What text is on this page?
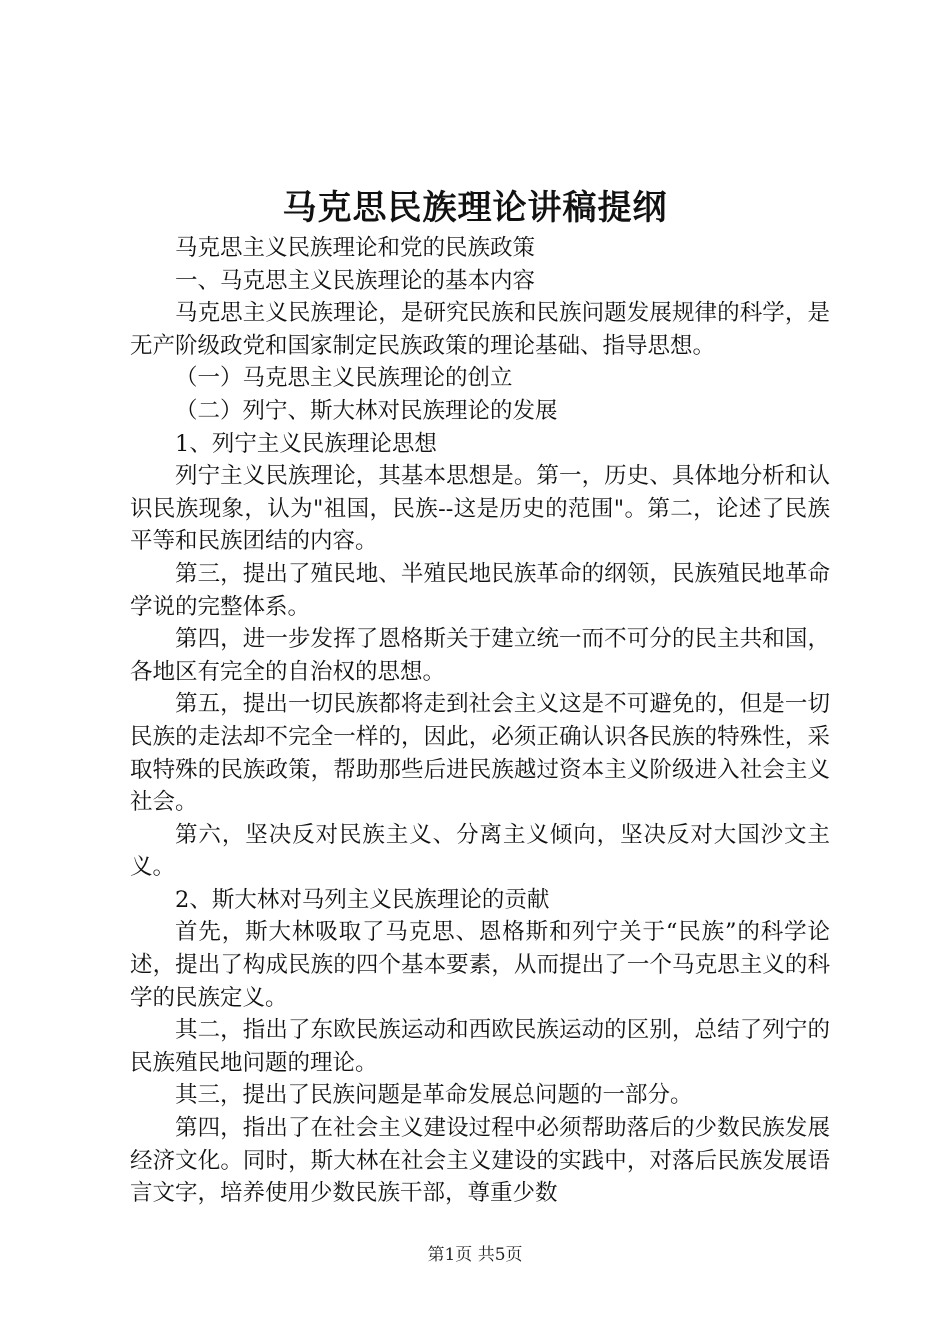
马克思民族理论讲稿提纲

马克思主义民族理论和党的民族政策

一、马克思主义民族理论的基本内容

马克思主义民族理论，是研究民族和民族问题发展规律的科学，是无产阶级政党和国家制定民族政策的理论基础、指导思想。

（一）马克思主义民族理论的创立

（二）列宁、斯大林对民族理论的发展

1、列宁主义民族理论思想

列宁主义民族理论，其基本思想是。第一，历史、具体地分析和认识民族现象，认为"祖国，民族--这是历史的范围"。第二，论述了民族平等和民族团结的内容。

第三，提出了殖民地、半殖民地民族革命的纲领，民族殖民地革命学说的完整体系。

第四，进一步发挥了恩格斯关于建立统一而不可分的民主共和国，各地区有完全的自治权的思想。

第五，提出一切民族都将走到社会主义这是不可避免的，但是一切民族的走法却不完全一样的，因此，必须正确认识各民族的特殊性，采取特殊的民族政策，帮助那些后进民族越过资本主义阶级进入社会主义社会。

第六，坚决反对民族主义、分离主义倾向，坚决反对大国沙文主义。

2、斯大林对马列主义民族理论的贡献

首先，斯大林吸取了马克思、恩格斯和列宁关于“民族”的科学论述，提出了构成民族的四个基本要素，从而提出了一个马克思主义的科学的民族定义。

其二，指出了东欧民族运动和西欧民族运动的区别，总结了列宁的民族殖民地问题的理论。

其三，提出了民族问题是革命发展总问题的一部分。

第四，指出了在社会主义建设过程中必须帮助落后的少数民族发展经济文化。同时，斯大林在社会主义建设的实践中，对落后民族发展语言文字，培养使用少数民族干部，尊重少数

第1页 共5页
